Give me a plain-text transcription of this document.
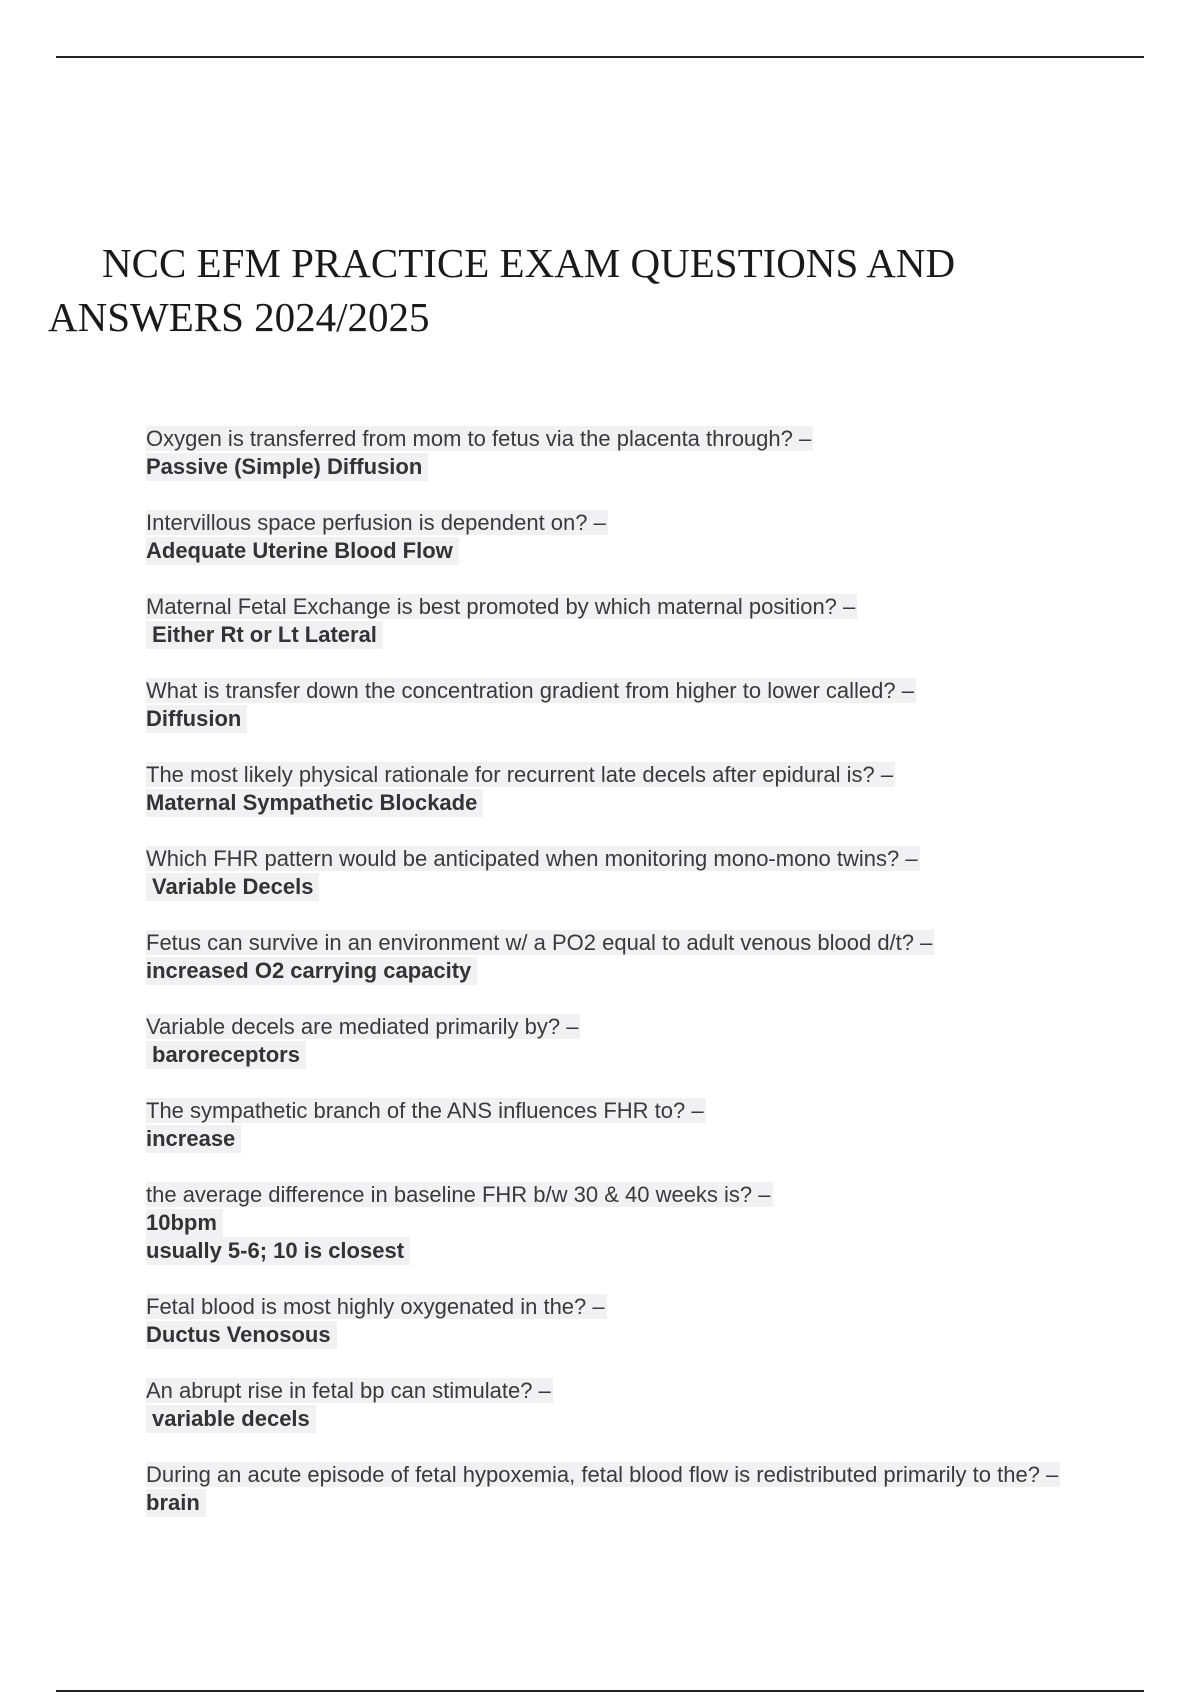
NCC EFM PRACTICE EXAM QUESTIONS AND ANSWERS 2024/2025
Oxygen is transferred from mom to fetus via the placenta through? –
Passive (Simple) Diffusion
Intervillous space perfusion is dependent on? –
Adequate Uterine Blood Flow
Maternal Fetal Exchange is best promoted by which maternal position? –
Either Rt or Lt Lateral
What is transfer down the concentration gradient from higher to lower called? –
Diffusion
The most likely physical rationale for recurrent late decels after epidural is? –
Maternal Sympathetic Blockade
Which FHR pattern would be anticipated when monitoring mono-mono twins? –
Variable Decels
Fetus can survive in an environment w/ a PO2 equal to adult venous blood d/t? –
increased O2 carrying capacity
Variable decels are mediated primarily by? –
baroreceptors
The sympathetic branch of the ANS influences FHR to? –
increase
the average difference in baseline FHR b/w 30 & 40 weeks is? –
10bpm
usually 5-6; 10 is closest
Fetal blood is most highly oxygenated in the? –
Ductus Venosous
An abrupt rise in fetal bp can stimulate? –
variable decels
During an acute episode of fetal hypoxemia, fetal blood flow is redistributed primarily to the? –
brain
